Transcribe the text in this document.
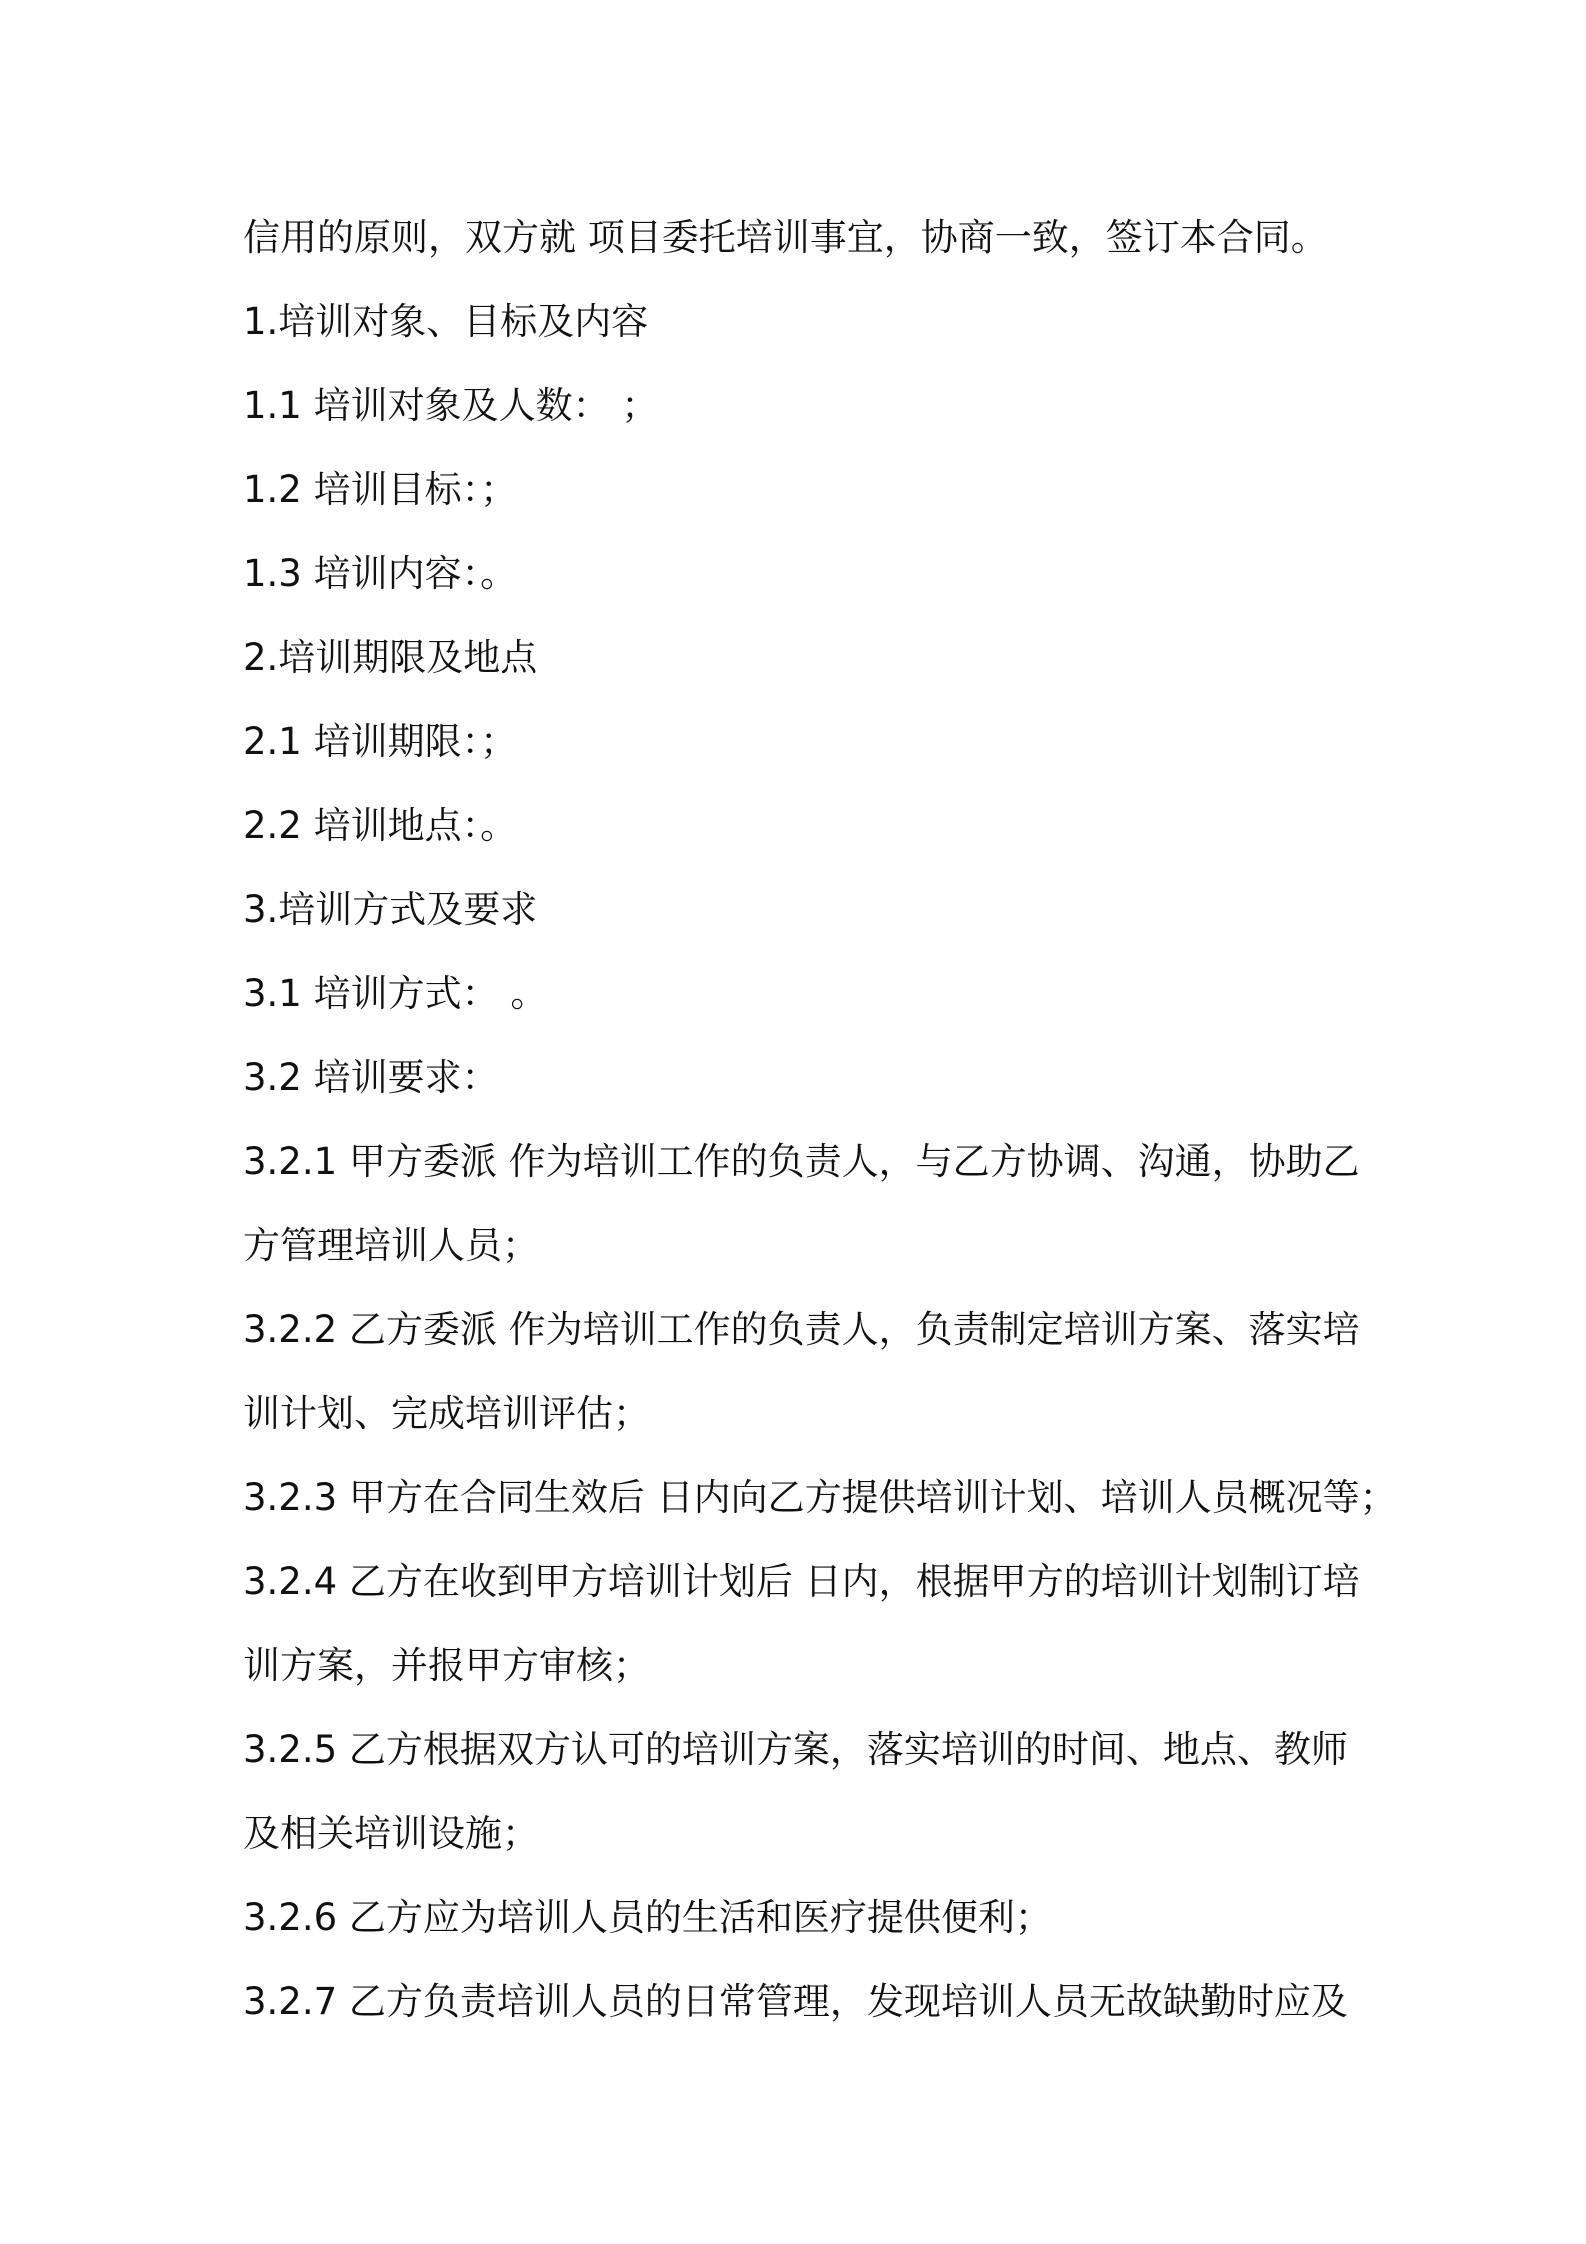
信用的原则，双方就 项目委托培训事宜，协商一致，签订本合同。
1.培训对象、目标及内容
1.1 培训对象及人数： ；
1.2 培训目标：；
1.3 培训内容：。
2.培训期限及地点
2.1 培训期限：；
2.2 培训地点：。
3.培训方式及要求
3.1 培训方式： 。
3.2 培训要求：
3.2.1 甲方委派 作为培训工作的负责人，与乙方协调、沟通，协助乙
方管理培训人员；
3.2.2 乙方委派 作为培训工作的负责人，负责制定培训方案、落实培
训计划、完成培训评估；
3.2.3 甲方在合同生效后 日内向乙方提供培训计划、培训人员概况等；
3.2.4 乙方在收到甲方培训计划后 日内，根据甲方的培训计划制订培
训方案，并报甲方审核；
3.2.5 乙方根据双方认可的培训方案，落实培训的时间、地点、教师
及相关培训设施；
3.2.6 乙方应为培训人员的生活和医疗提供便利；
3.2.7 乙方负责培训人员的日常管理，发现培训人员无故缺勤时应及
